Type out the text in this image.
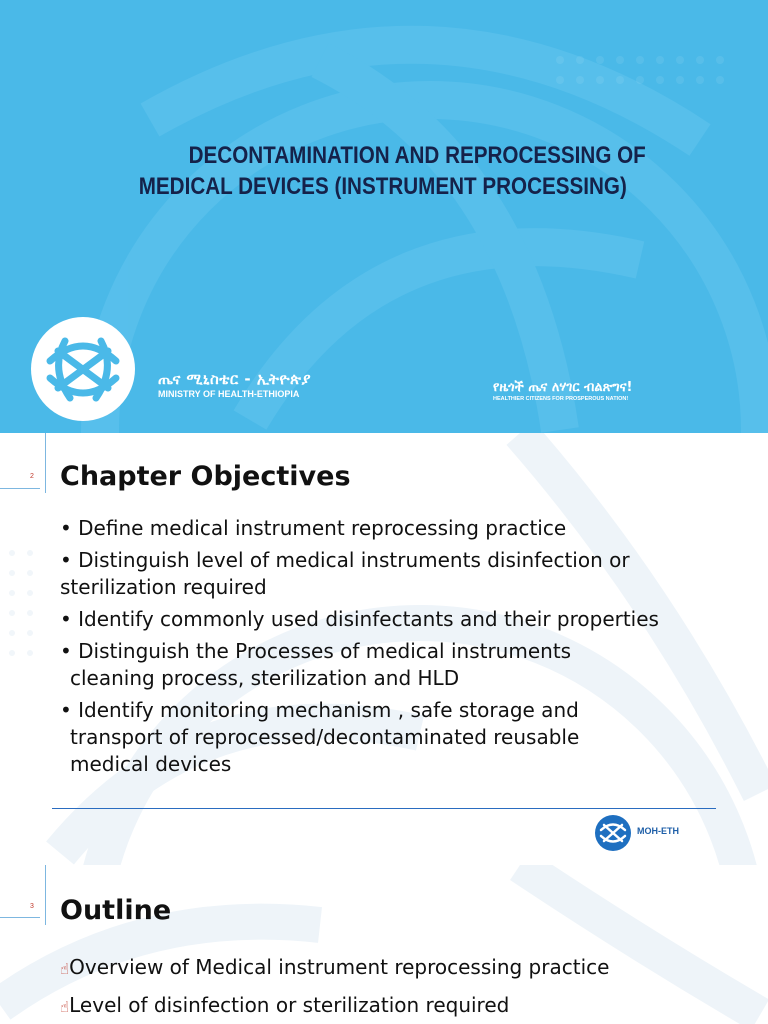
DECONTAMINATION AND REPROCESSING OF
MEDICAL DEVICES (INSTRUMENT PROCESSING)
ጤና ሚኒስቴር - ኢትዮጵያ
MINISTRY OF HEALTH-ETHIOPIA	የዜጎች ጤና ለሃገር ብልጽግና!
HEALTHIER CITIZENS FOR PROSPEROUS NATION!
2 Chapter Objectives
• Define medical instrument reprocessing practice
• Distinguish level of medical instruments disinfection or
sterilization required
• Identify commonly used disinfectants and their properties
• Distinguish the Processes of medical instruments
cleaning process, sterilization and HLD
• Identify monitoring mechanism , safe storage and
transport of reprocessed/decontaminated reusable
medical devices
MOH-ETH
3 Outline
☝Overview of Medical instrument reprocessing practice
☝Level of disinfection or sterilization required
